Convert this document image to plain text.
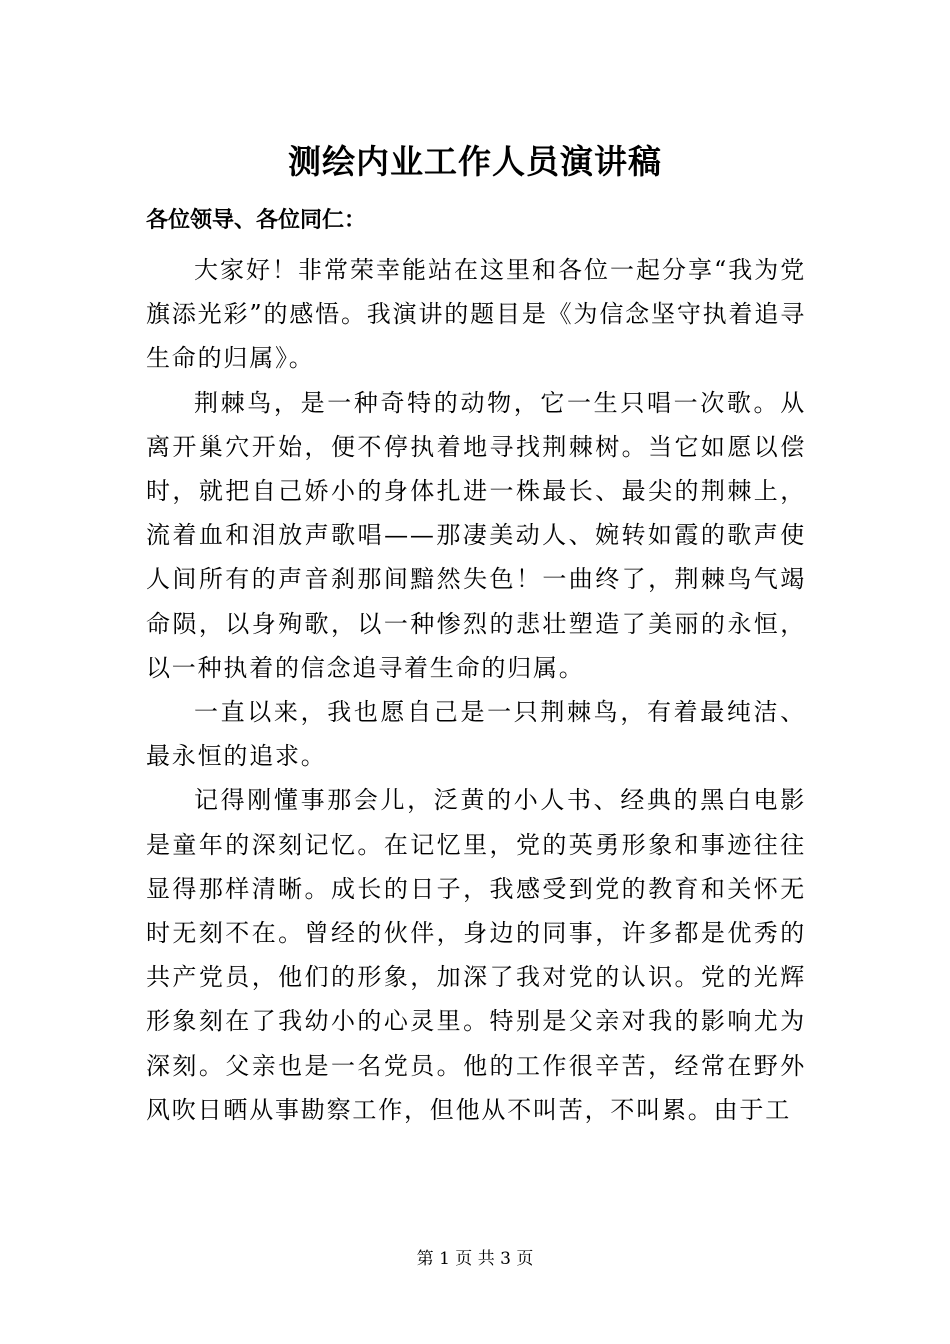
测绘内业工作人员演讲稿
各位领导、各位同仁：

大家好！非常荣幸能站在这里和各位一起分享“我为党旗添光彩”的感悟。我演讲的题目是《为信念坚守执着追寻生命的归属》。

荆棘鸟，是一种奇特的动物，它一生只唱一次歌。从离开巢穴开始，便不停执着地寻找荆棘树。当它如愿以偿时，就把自己娇小的身体扎进一株最长、最尖的荆棘上，流着血和泪放声歌唱——那凄美动人、婉转如霞的歌声使人间所有的声音刹那间黯然失色！一曲终了，荆棘鸟气竭命陨，以身殉歌，以一种惨烈的悲壮塑造了美丽的永恒，以一种执着的信念追寻着生命的归属。

一直以来，我也愿自己是一只荆棘鸟，有着最纯洁、最永恒的追求。

记得刚懂事那会儿，泛黄的小人书、经典的黑白电影是童年的深刻记忆。在记忆里，党的英勇形象和事迹往往显得那样清晰。成长的日子，我感受到党的教育和关怀无时无刻不在。曾经的伙伴，身边的同事，许多都是优秀的共产党员，他们的形象，加深了我对党的认识。党的光辉形象刻在了我幼小的心灵里。特别是父亲对我的影响尤为深刻。父亲也是一名党员。他的工作很辛苦，经常在野外风吹日晒从事勘察工作，但他从不叫苦，不叫累。由于工

第 1 页 共 3 页
